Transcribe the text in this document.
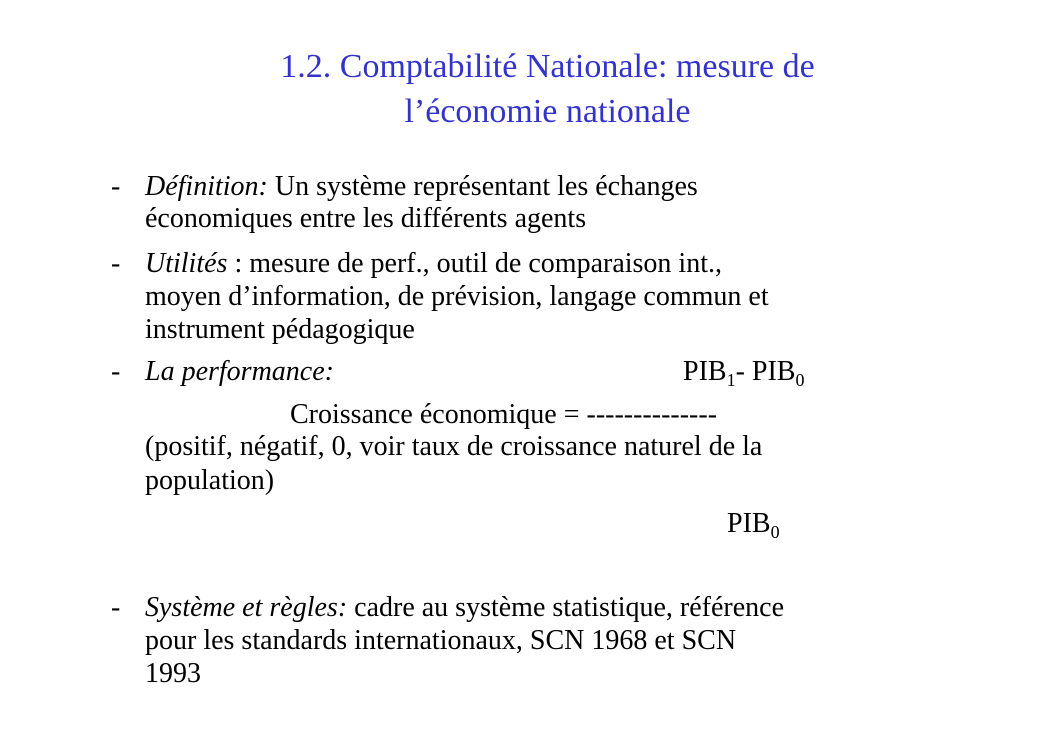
1.2. Comptabilité Nationale: mesure de
l’économie nationale
- Définition: Un système représentant les échanges
économiques entre les différents agents
- Utilités : mesure de perf., outil de comparaison int.,
moyen d’information, de prévision, langage commun et
instrument pédagogique
- La performance:	$PIB_1-$ $PIB_0$
Croissance économique = --------------
(positif, négatif, 0, voir taux de croissance naturel de la
population)
$PIB_0$
- Système et règles: cadre au système statistique, référence
pour les standards internationaux, SCN 1968 et SCN
1993
